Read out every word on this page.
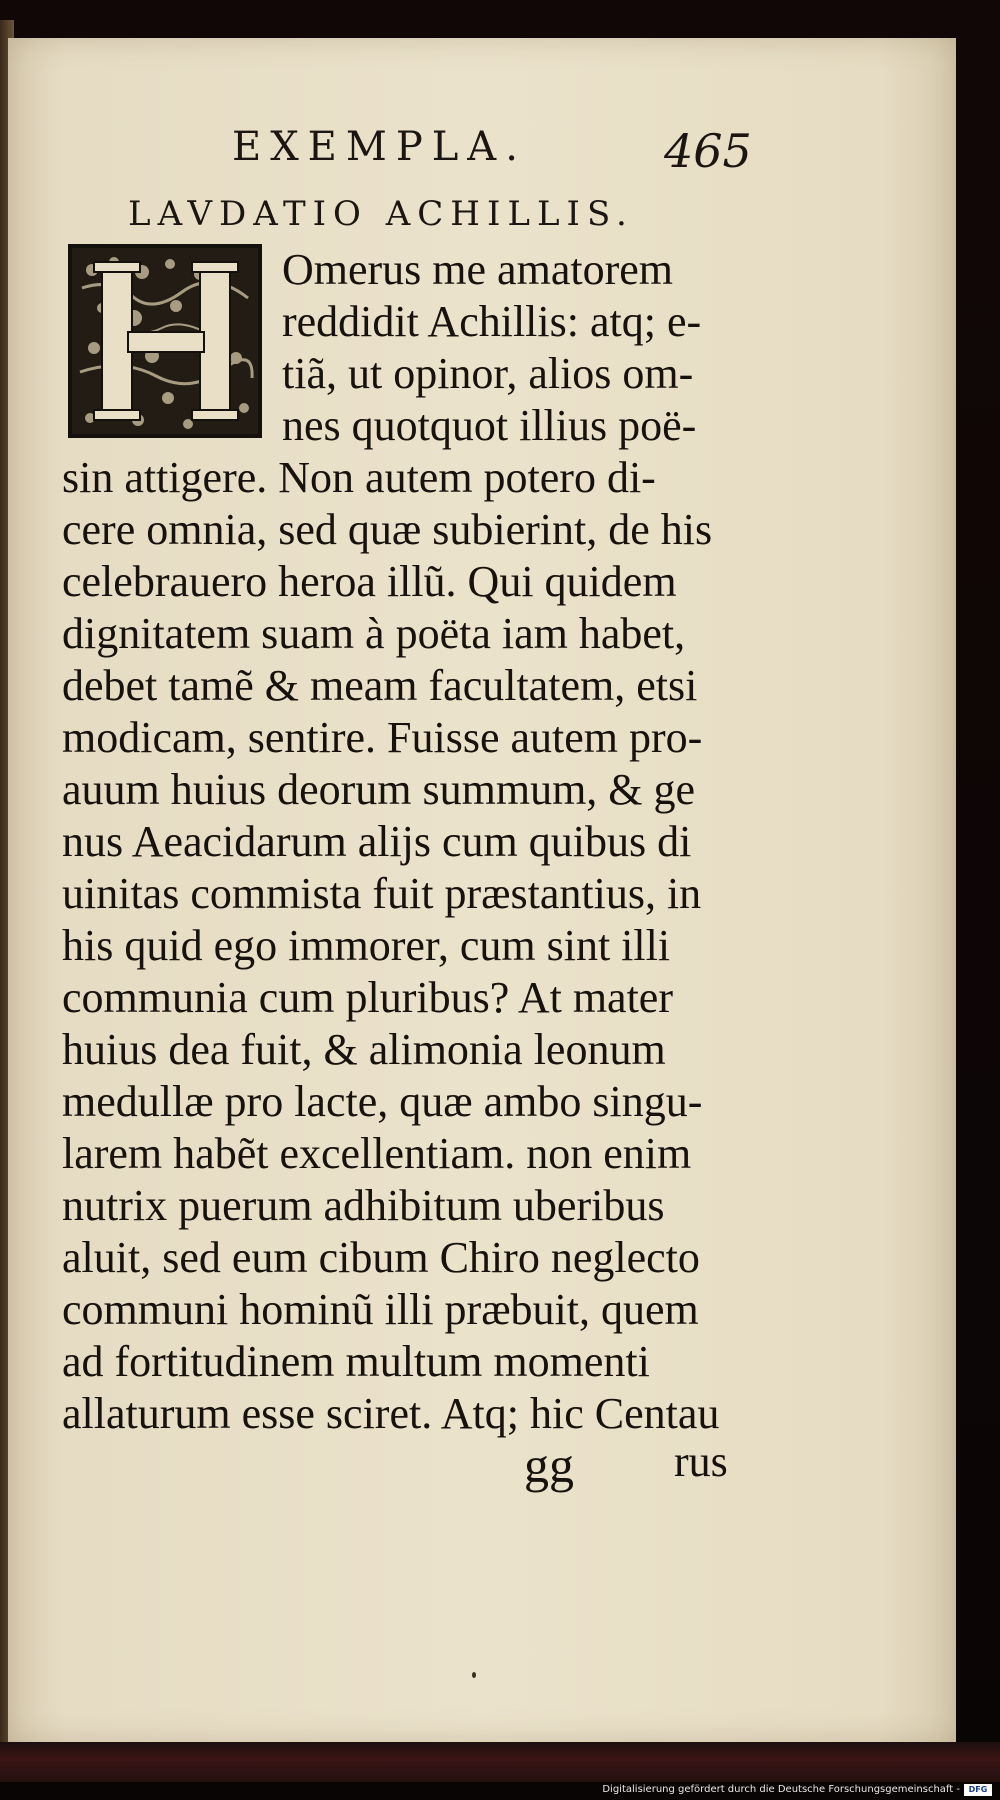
EXEMPLA.	465
LAVDATIO ACHILLIS.
Omerus me amatorem
reddidit Achillis: atq; e-
tiã, ut opinor, alios om-
nes quotquot illius poë-
sin attigere. Non autem potero di-
cere omnia, sed quæ subierint, de his
celebrauero heroa illũ. Qui quidem
dignitatem suam à poëta iam habet,
debet tamẽ & meam facultatem, etsi
modicam, sentire. Fuisse autem pro-
auum huius deorum summum, & ge
nus Aeacidarum alijs cum quibus di
uinitas commista fuit præstantius, in
his quid ego immorer, cum sint illi
communia cum pluribus? At mater
huius dea fuit, & alimonia leonum
medullæ pro lacte, quæ ambo singu-
larem habẽt excellentiam. non enim
nutrix puerum adhibitum uberibus
aluit, sed eum cibum Chiro neglecto
communi hominũ illi præbuit, quem
ad fortitudinem multum momenti
allaturum esse sciret. Atq; hic Centau
gg rus
Digitalisierung gefördert durch die Deutsche Forschungsgemeinschaft -	DFG
